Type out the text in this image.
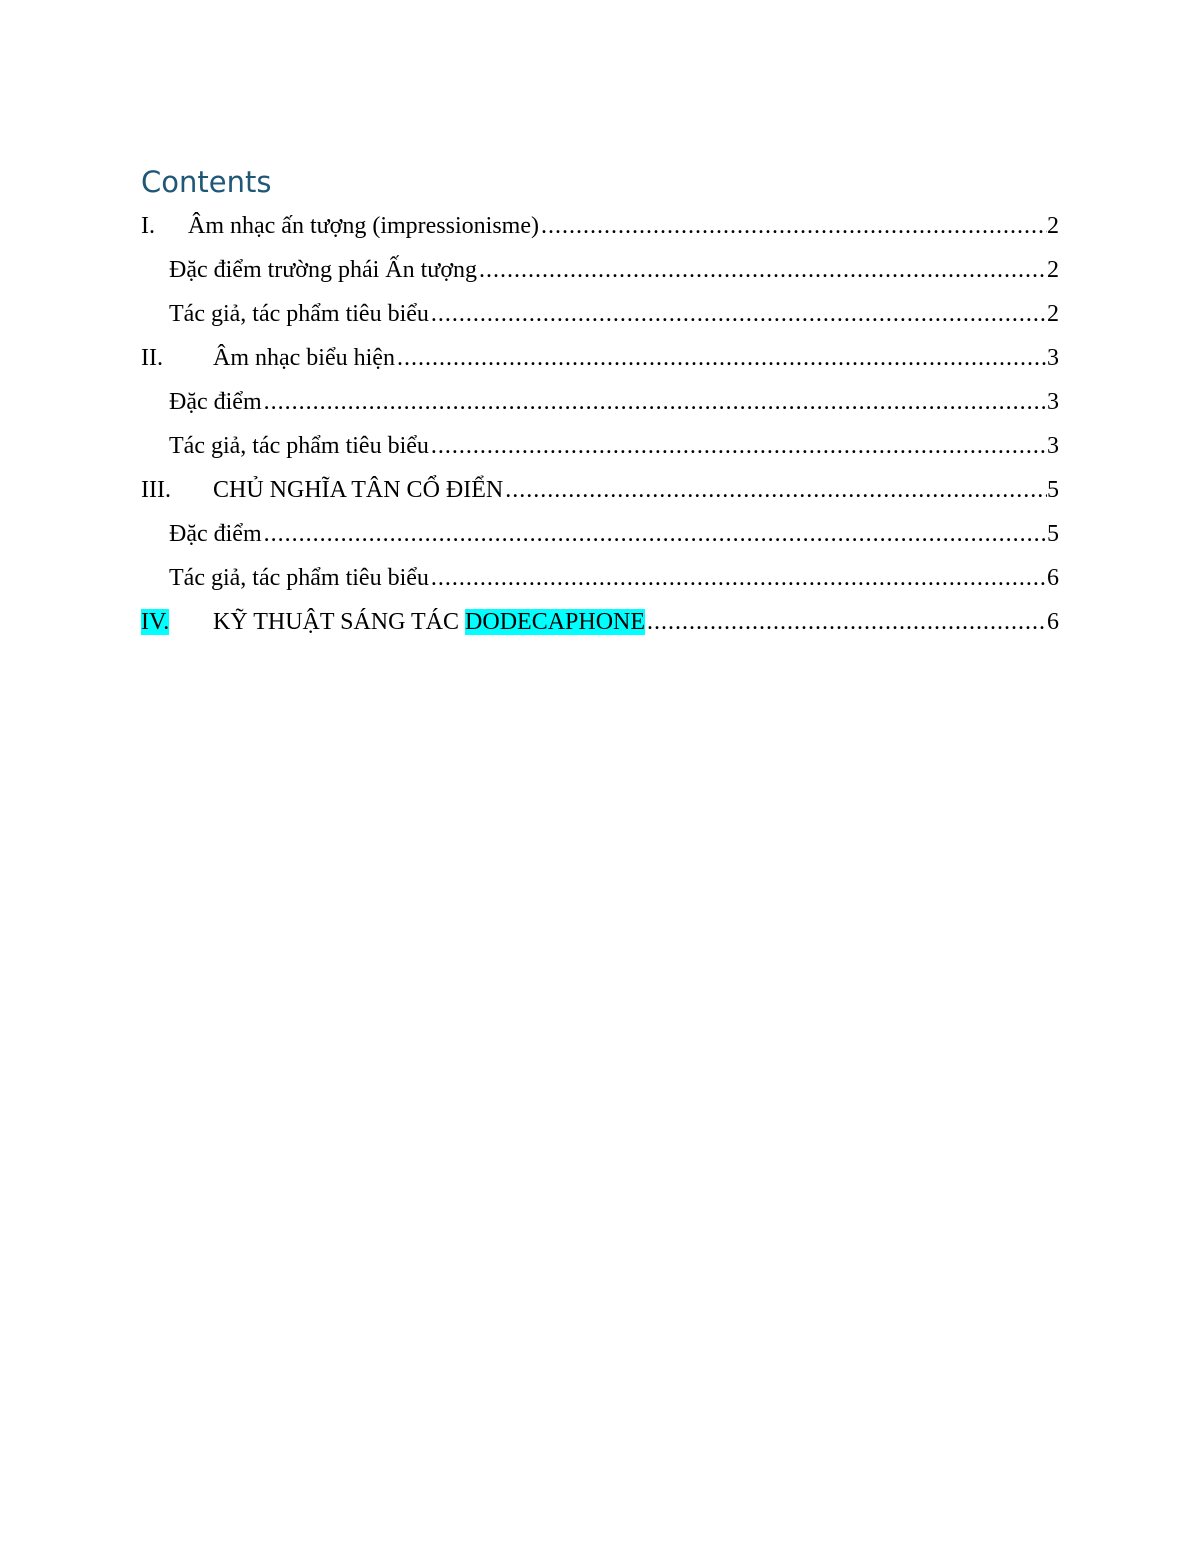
Contents
I.	Âm nhạc ấn tượng (impressionisme) .....	2
Đặc điểm trường phái Ấn tượng .....	2
Tác giả, tác phẩm tiêu biểu .....	2
II.	Âm nhạc biểu hiện .....	3
Đặc điểm .....	3
Tác giả, tác phẩm tiêu biểu .....	3
III.	CHỦ NGHĨA TÂN CỔ ĐIỂN .....	5
Đặc điểm .....	5
Tác giả, tác phẩm tiêu biểu .....	6
IV.	KỸ THUẬT SÁNG TÁC DODECAPHONE .....	6
